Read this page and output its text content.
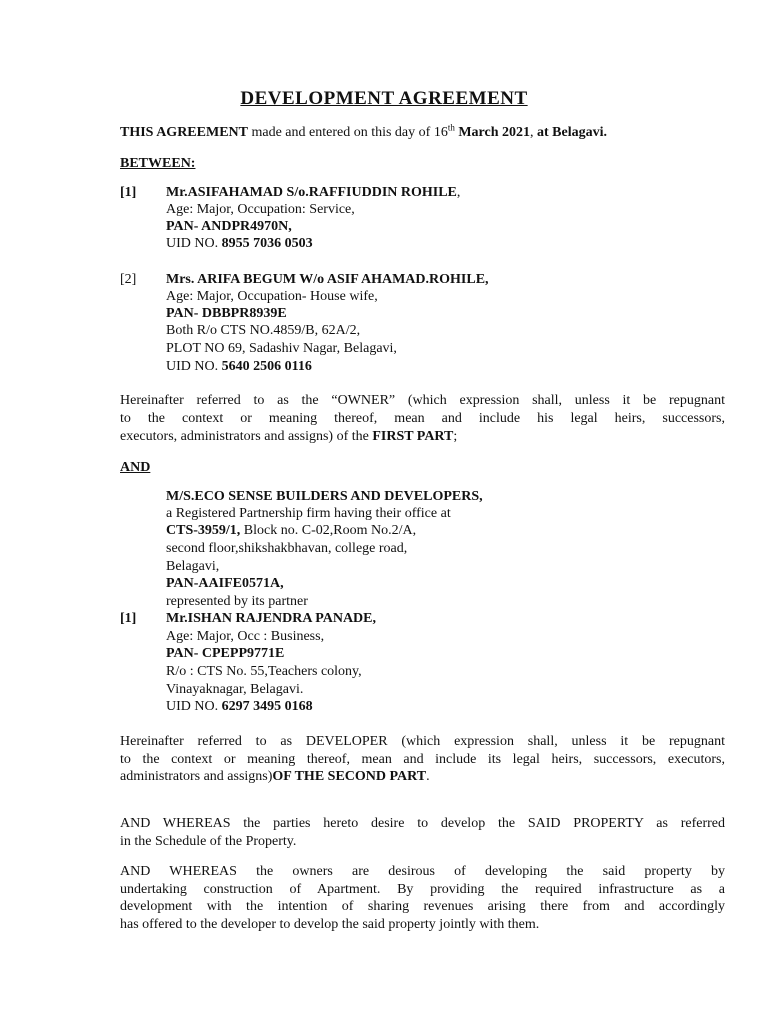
DEVELOPMENT AGREEMENT
THIS AGREEMENT made and entered on this day of 16th March 2021, at Belagavi.
BETWEEN:
[1] Mr.ASIFAHAMAD S/o.RAFFIUDDIN ROHILE,
Age: Major, Occupation: Service,
PAN- ANDPR4970N,
UID NO. 8955 7036 0503
[2] Mrs. ARIFA BEGUM W/o ASIF AHAMAD.ROHILE,
Age: Major, Occupation- House wife,
PAN- DBBPR8939E
Both R/o CTS NO.4859/B, 62A/2,
PLOT NO 69, Sadashiv Nagar, Belagavi,
UID NO. 5640 2506 0116
Hereinafter referred to as the “OWNER” (which expression shall, unless it be repugnant
to the context or meaning thereof, mean and include his legal heirs, successors,
executors, administrators and assigns) of the FIRST PART;
AND
M/S.ECO SENSE BUILDERS AND DEVELOPERS,
a Registered Partnership firm having their office at
CTS-3959/1, Block no. C-02,Room No.2/A,
second floor,shikshakbhavan, college road,
Belagavi,
PAN-AAIFE0571A,
represented by its partner
[1] Mr.ISHAN RAJENDRA PANADE,
Age: Major, Occ : Business,
PAN- CPEPP9771E
R/o : CTS No. 55,Teachers colony,
Vinayaknagar, Belagavi.
UID NO. 6297 3495 0168
Hereinafter referred to as DEVELOPER (which expression shall, unless it be repugnant
to the context or meaning thereof, mean and include its legal heirs, successors, executors,
administrators and assigns)OF THE SECOND PART.
AND WHEREAS the parties hereto desire to develop the SAID PROPERTY as referred
in the Schedule of the Property.
AND WHEREAS the owners are desirous of developing the said property by
undertaking construction of Apartment. By providing the required infrastructure as a
development with the intention of sharing revenues arising there from and accordingly
has offered to the developer to develop the said property jointly with them.
